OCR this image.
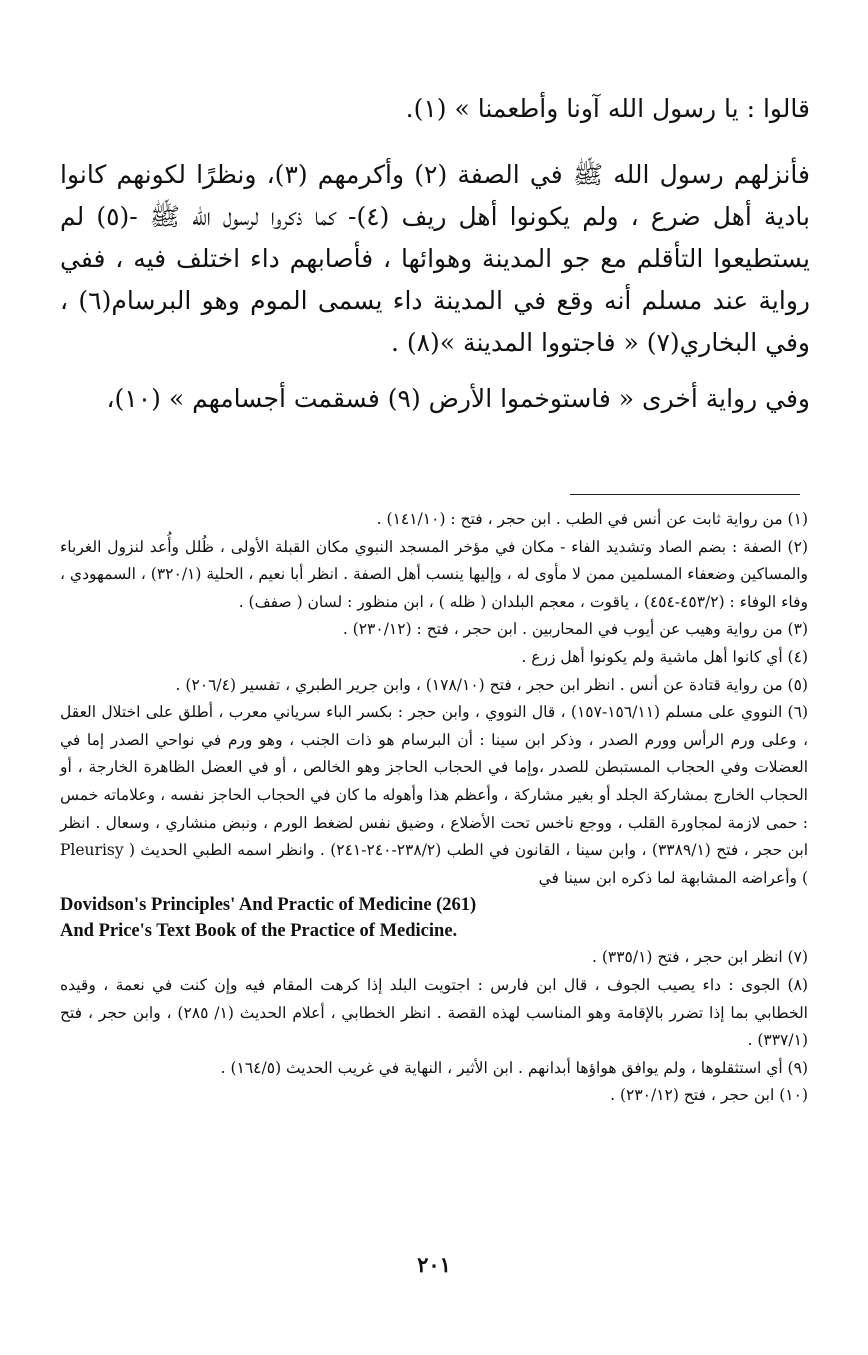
قالوا : يا رسول الله آونا وأطعمنا » (١).

فأنزلهم رسول الله ﷺ في الصفة (٢) وأكرمهم (٣)، ونظرًا لكونهم كانوا بادية أهل ضرع ، ولم يكونوا أهل ريف (٤)- كما ذكروا لرسول الله ﷺ -(٥) لم يستطيعوا التأقلم مع جو المدينة وهوائها ، فأصابهم داء اختلف فيه ، ففي رواية عند مسلم أنه وقع في المدينة داء يسمى الموم وهو البرسام(٦) ، وفي البخاري(٧) « فاجتووا المدينة »(٨) .

وفي رواية أخرى « فاستوخموا الأرض (٩) فسقمت أجسامهم » (١٠)،

(١) من رواية ثابت عن أنس في الطب . ابن حجر ، فتح : (١٤١/١٠) .

(٢) الصفة : بضم الصاد وتشديد الفاء - مكان في مؤخر المسجد النبوي مكان القبلة الأولى ، ظُلل وأُعد لنزول الغرباء والمساكين وضعفاء المسلمين ممن لا مأوى له ، وإليها ينسب أهل الصفة . انظر أبا نعيم ، الحلية (٣٢٠/١) ، السمهودي ، وفاء الوفاء : (٤٥٣/٢-٤٥٤) ، ياقوت ، معجم البلدان ( ظله ) ، ابن منظور : لسان ( صفف) .

(٣) من رواية وهيب عن أيوب في المحاربين . ابن حجر ، فتح : (٢٣٠/١٢) .

(٤) أي كانوا أهل ماشية ولم يكونوا أهل زرع .

(٥) من رواية قتادة عن أنس . انظر ابن حجر ، فتح (١٧٨/١٠) ، وابن جرير الطبري ، تفسير (٢٠٦/٤) .

(٦) النووي على مسلم (١٥٦/١١-١٥٧) ، قال النووي ، وابن حجر : بكسر الباء سرياني معرب ، أطلق على اختلال العقل ، وعلى ورم الرأس وورم الصدر ، وذكر ابن سينا : أن البرسام هو ذات الجنب ، وهو ورم في نواحي الصدر إما في العضلات وفي الحجاب المستبطن للصدر ،وإما في الحجاب الحاجز وهو الخالص ، أو في العضل الظاهرة الخارجة ، أو الحجاب الخارج بمشاركة الجلد أو بغير مشاركة ، وأعظم هذا وأهوله ما كان في الحجاب الحاجز نفسه ، وعلاماته خمس : حمى لازمة لمجاورة القلب ، ووجع ناخس تحت الأضلاع ، وضيق نفس لضغط الورم ، ونبض منشاري ، وسعال . انظر ابن حجر ، فتح (٣٣٨٩/١) ، وابن سينا ، القانون في الطب (٢٣٨/٢-٢٤٠-٢٤١) . وانظر اسمه الطبي الحديث ( Pleurisy ) وأعراضه المشابهة لما ذكره ابن سينا في

Dovidson's Principles' And Practic of Medicine (261)
And Price's Text Book of the Practice of Medicine.

(٧) انظر ابن حجر ، فتح (٣٣٥/١) .

(٨) الجوى : داء يصيب الجوف ، قال ابن فارس : اجتويت البلد إذا كرهت المقام فيه وإن كنت في نعمة ، وقيده الخطابي بما إذا تضرر بالإقامة وهو المناسب لهذه القصة . انظر الخطابي ، أعلام الحديث (١/ ٢٨٥) ، وابن حجر ، فتح (٣٣٧/١) .

(٩) أي استثقلوها ، ولم يوافق هواؤها أبدانهم . ابن الأثير ، النهاية في غريب الحديث (١٦٤/٥) .

(١٠) ابن حجر ، فتح (٢٣٠/١٢) .

٢٠١
